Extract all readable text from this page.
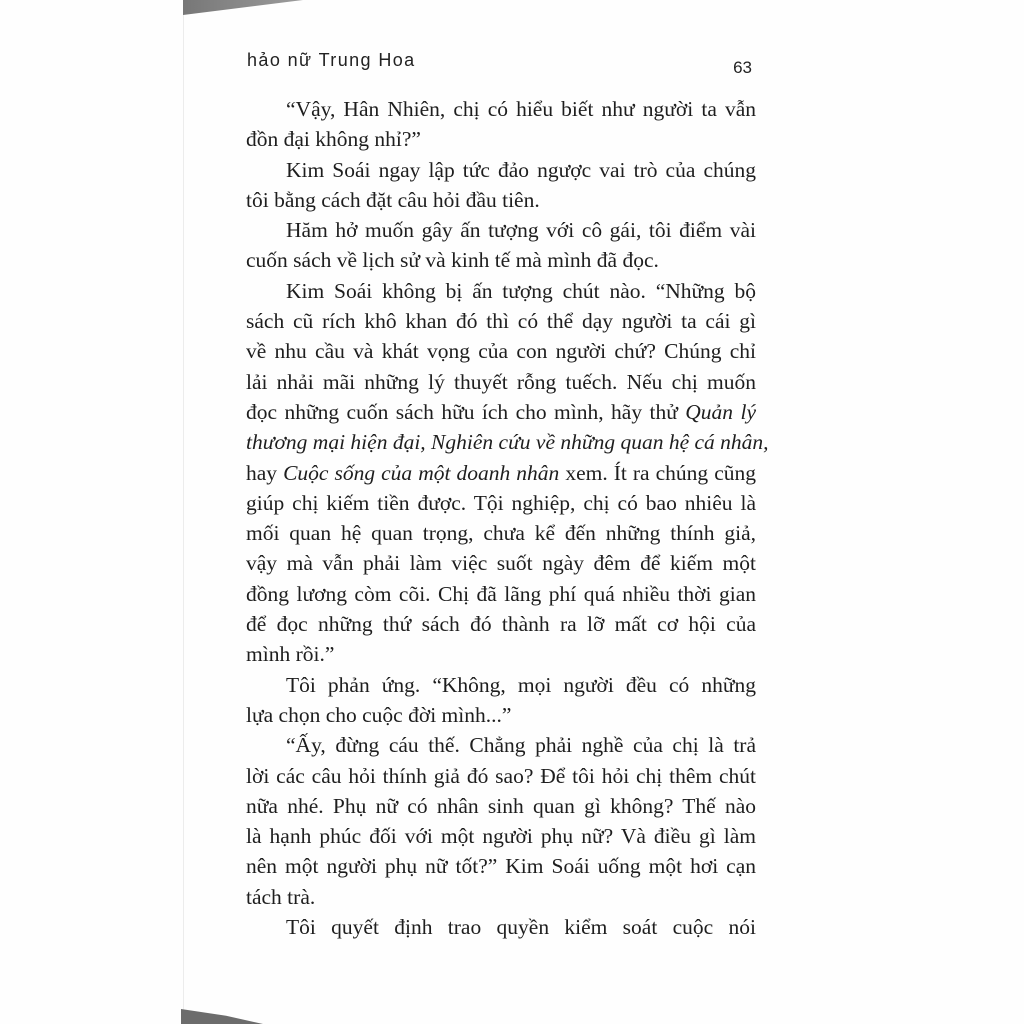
hảo nữ Trung Hoa	63
“Vậy, Hân Nhiên, chị có hiểu biết như người ta vẫn
đồn đại không nhỉ?”
Kim Soái ngay lập tức đảo ngược vai trò của chúng
tôi bằng cách đặt câu hỏi đầu tiên.
Hăm hở muốn gây ấn tượng với cô gái, tôi điểm vài
cuốn sách về lịch sử và kinh tế mà mình đã đọc.
Kim Soái không bị ấn tượng chút nào. “Những bộ
sách cũ rích khô khan đó thì có thể dạy người ta cái gì
về nhu cầu và khát vọng của con người chứ? Chúng chỉ
lải nhải mãi những lý thuyết rỗng tuếch. Nếu chị muốn
đọc những cuốn sách hữu ích cho mình, hãy thử Quản lý
thương mại hiện đại, Nghiên cứu về những quan hệ cá nhân,
hay Cuộc sống của một doanh nhân xem. Ít ra chúng cũng
giúp chị kiếm tiền được. Tội nghiệp, chị có bao nhiêu là
mối quan hệ quan trọng, chưa kể đến những thính giả,
vậy mà vẫn phải làm việc suốt ngày đêm để kiếm một
đồng lương còm cõi. Chị đã lãng phí quá nhiều thời gian
để đọc những thứ sách đó thành ra lỡ mất cơ hội của
mình rồi.”
Tôi phản ứng. “Không, mọi người đều có những
lựa chọn cho cuộc đời mình...”
“Ấy, đừng cáu thế. Chẳng phải nghề của chị là trả
lời các câu hỏi thính giả đó sao? Để tôi hỏi chị thêm chút
nữa nhé. Phụ nữ có nhân sinh quan gì không? Thế nào
là hạnh phúc đối với một người phụ nữ? Và điều gì làm
nên một người phụ nữ tốt?” Kim Soái uống một hơi cạn
tách trà.
Tôi quyết định trao quyền kiểm soát cuộc nói
